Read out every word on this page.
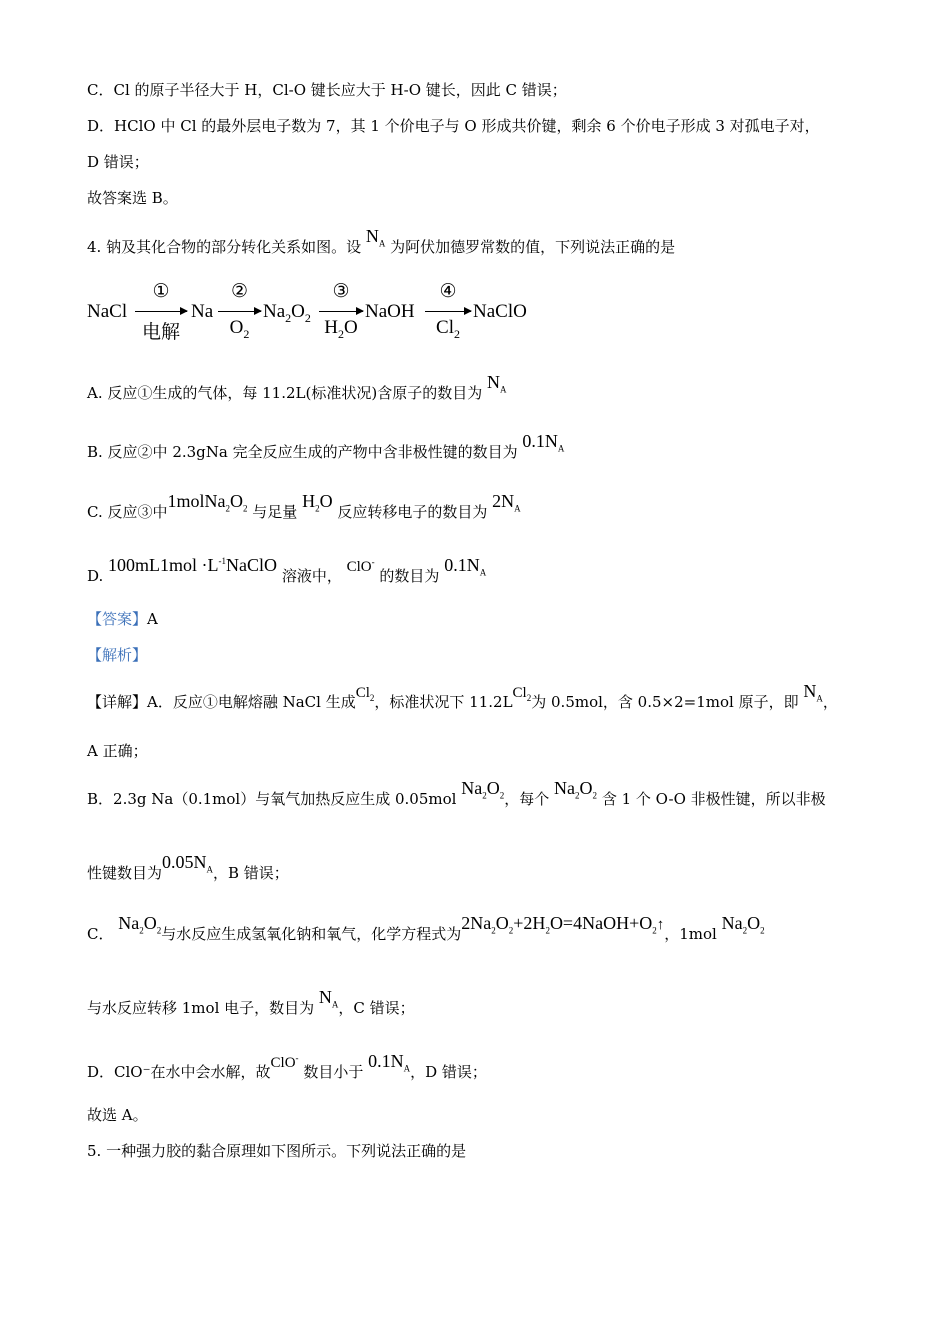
C．Cl 的原子半径大于 H，Cl-O 键长应大于 H-O 键长，因此 C 错误；
D．HClO 中 Cl 的最外层电子数为 7，其 1 个价电子与 O 形成共价键，剩余 6 个价电子形成 3 对孤电子对，
D 错误；
故答案选 B。
4. 钠及其化合物的部分转化关系如图。设 $N_A$ 为阿伏加德罗常数的值，下列说法正确的是
NaCl
①
电解
Na
②
$O_2$
$Na_2O_2$
③
$H_2O$
NaOH
④
$Cl_2$
NaClO
A. 反应①生成的气体，每 11.2L(标准状况)含原子的数目为 $N_A$
B. 反应②中 2.3gNa 完全反应生成的产物中含非极性键的数目为 $0.1N_A$
C. 反应③中$1molNa_2O_2$ 与足量 $H_2O$ 反应转移电子的数目为 $2N_A$
D. $100mL1mol \cdot L^{-1}NaClO$ 溶液中， ClO- 的数目为 $0.1N_A$
【答案】A
【解析】
【详解】A．反应①电解熔融 NaCl 生成$Cl_2$，标准状况下 11.2LCl$_2$为 0.5mol，含 0.5×2=1mol 原子，即 $N_A$，
A 正确；
B．2.3g Na（0.1mol）与氧气加热反应生成 0.05mol $Na_2O_2$，每个 $Na_2O_2$ 含 1 个 O-O 非极性键，所以非极
性键数目为$0.05N_A$，B 错误；
C． $Na_2O_2$与水反应生成氢氧化钠和氧气，化学方程式为$2Na_2O_2+2H_2O=4NaOH+O_2↑$，1mol $Na_2O_2$
与水反应转移 1mol 电子，数目为 $N_A$，C 错误；
D．ClO⁻在水中会水解，故ClO- 数目小于 $0.1N_A$，D 错误；
故选 A。
5. 一种强力胶的黏合原理如下图所示。下列说法正确的是
